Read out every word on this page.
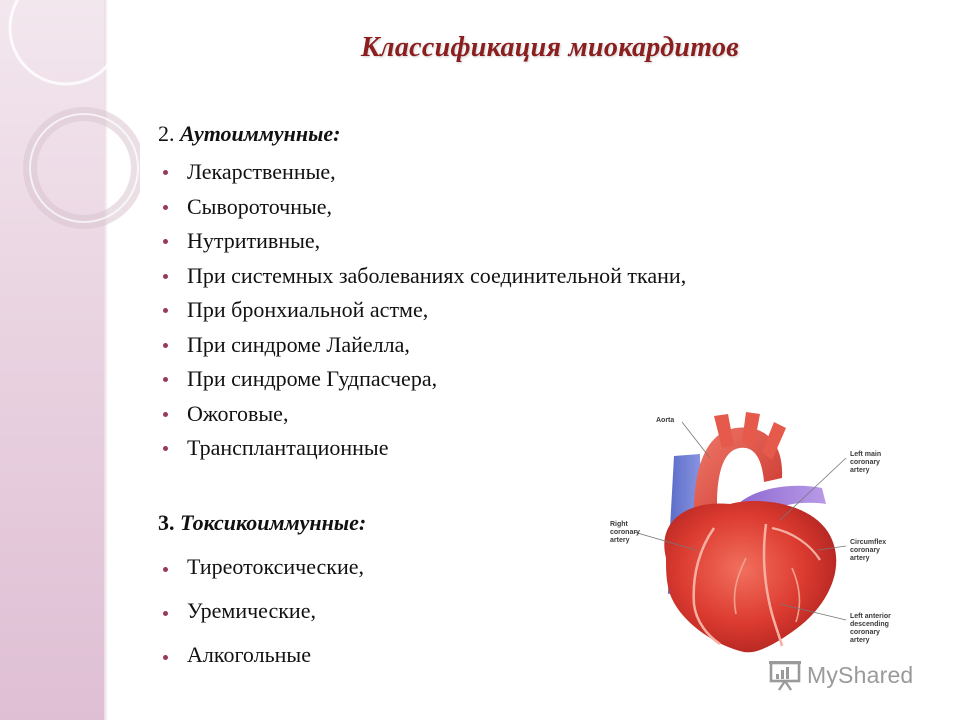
Классификация миокардитов
2. Аутоиммунные:
Лекарственные,
Сывороточные,
Нутритивные,
При системных заболеваниях соединительной ткани,
При бронхиальной астме,
При синдроме Лайелла,
При синдроме Гудпасчера,
Ожоговые,
Трансплантационные
3. Токсикоиммунные:
Тиреотоксические,
Уремические,
Алкогольные
Aorta
Left main coronary artery
Right coronary artery	Circumflex coronary artery
Left anterior descending coronary artery
MyShared
